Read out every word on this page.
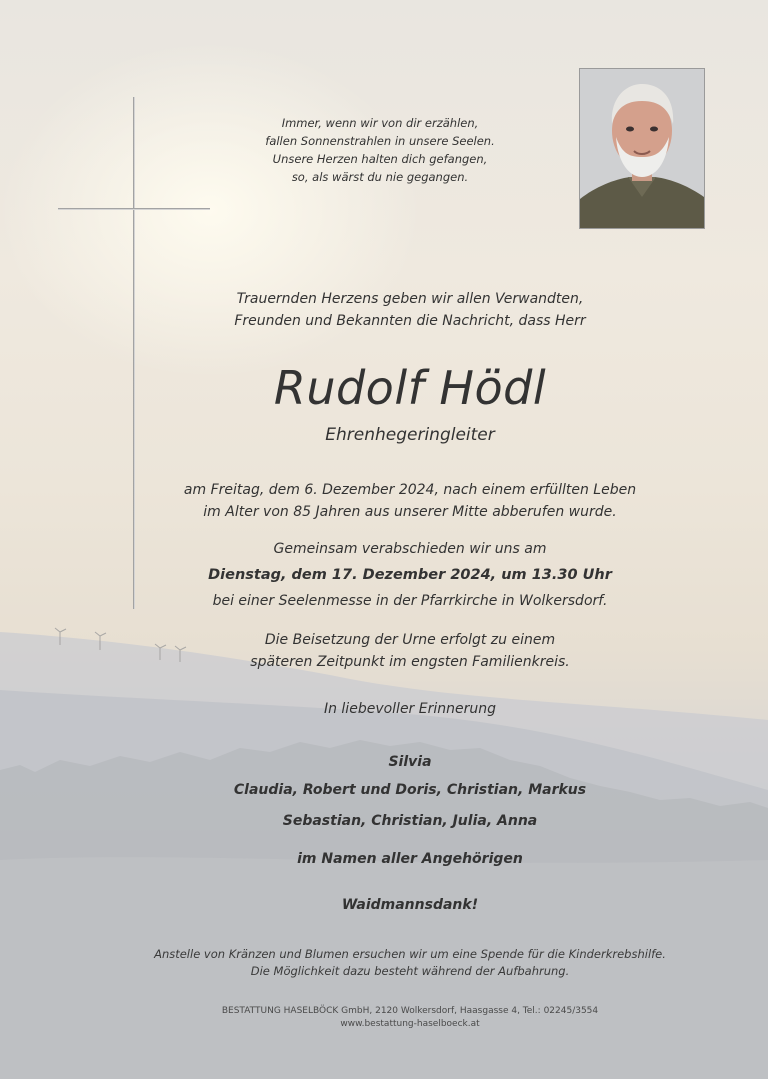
Immer, wenn wir von dir erzählen,
fallen Sonnenstrahlen in unsere Seelen.
Unsere Herzen halten dich gefangen,
so, als wärst du nie gegangen.
Trauernden Herzens geben wir allen Verwandten,
Freunden und Bekannten die Nachricht, dass Herr
Rudolf Hödl
Ehrenhegeringleiter
am Freitag, dem 6. Dezember 2024, nach einem erfüllten Leben
im Alter von 85 Jahren aus unserer Mitte abberufen wurde.
Gemeinsam verabschieden wir uns am
Dienstag, dem 17. Dezember 2024, um 13.30 Uhr
bei einer Seelenmesse in der Pfarrkirche in Wolkersdorf.
Die Beisetzung der Urne erfolgt zu einem
späteren Zeitpunkt im engsten Familienkreis.
In liebevoller Erinnerung
Silvia
Claudia, Robert und Doris, Christian, Markus
Sebastian, Christian, Julia, Anna
im Namen aller Angehörigen
Waidmannsdank!
Anstelle von Kränzen und Blumen ersuchen wir um eine Spende für die Kinderkrebshilfe.
Die Möglichkeit dazu besteht während der Aufbahrung.
BESTATTUNG HASELBÖCK GmbH, 2120 Wolkersdorf, Haasgasse 4, Tel.: 02245/3554
www.bestattung-haselboeck.at
